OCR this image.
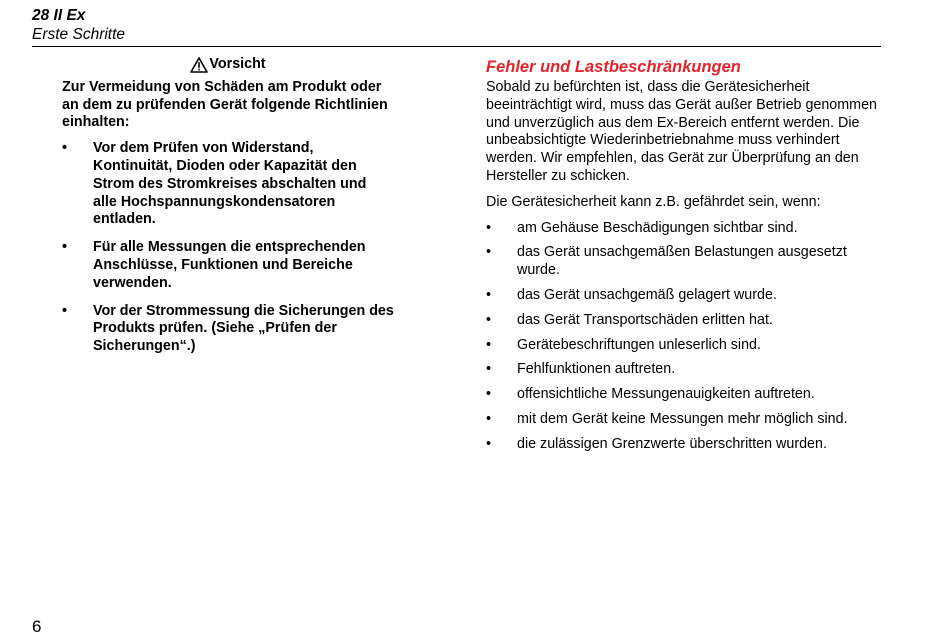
28 II Ex
Erste Schritte
Vorsicht

Zur Vermeidung von Schäden am Produkt oder an dem zu prüfenden Gerät folgende Richtlinien einhalten:

• Vor dem Prüfen von Widerstand, Kontinuität, Dioden oder Kapazität den Strom des Stromkreises abschalten und alle Hochspannungskondensatoren entladen.
• Für alle Messungen die entsprechenden Anschlüsse, Funktionen und Bereiche verwenden.
• Vor der Strommessung die Sicherungen des Produkts prüfen. (Siehe „Prüfen der Sicherungen“.)
Fehler und Lastbeschränkungen

Sobald zu befürchten ist, dass die Gerätesicherheit beeinträchtigt wird, muss das Gerät außer Betrieb genommen und unverzüglich aus dem Ex-Bereich entfernt werden. Die unbeabsichtigte Wiederinbetriebnahme muss verhindert werden. Wir empfehlen, das Gerät zur Überprüfung an den Hersteller zu schicken.

Die Gerätesicherheit kann z.B. gefährdet sein, wenn:

• am Gehäuse Beschädigungen sichtbar sind.
• das Gerät unsachgemäßen Belastungen ausgesetzt wurde.
• das Gerät unsachgemäß gelagert wurde.
• das Gerät Transportschäden erlitten hat.
• Gerätebeschriftungen unleserlich sind.
• Fehlfunktionen auftreten.
• offensichtliche Messungenauigkeiten auftreten.
• mit dem Gerät keine Messungen mehr möglich sind.
• die zulässigen Grenzwerte überschritten wurden.
6
